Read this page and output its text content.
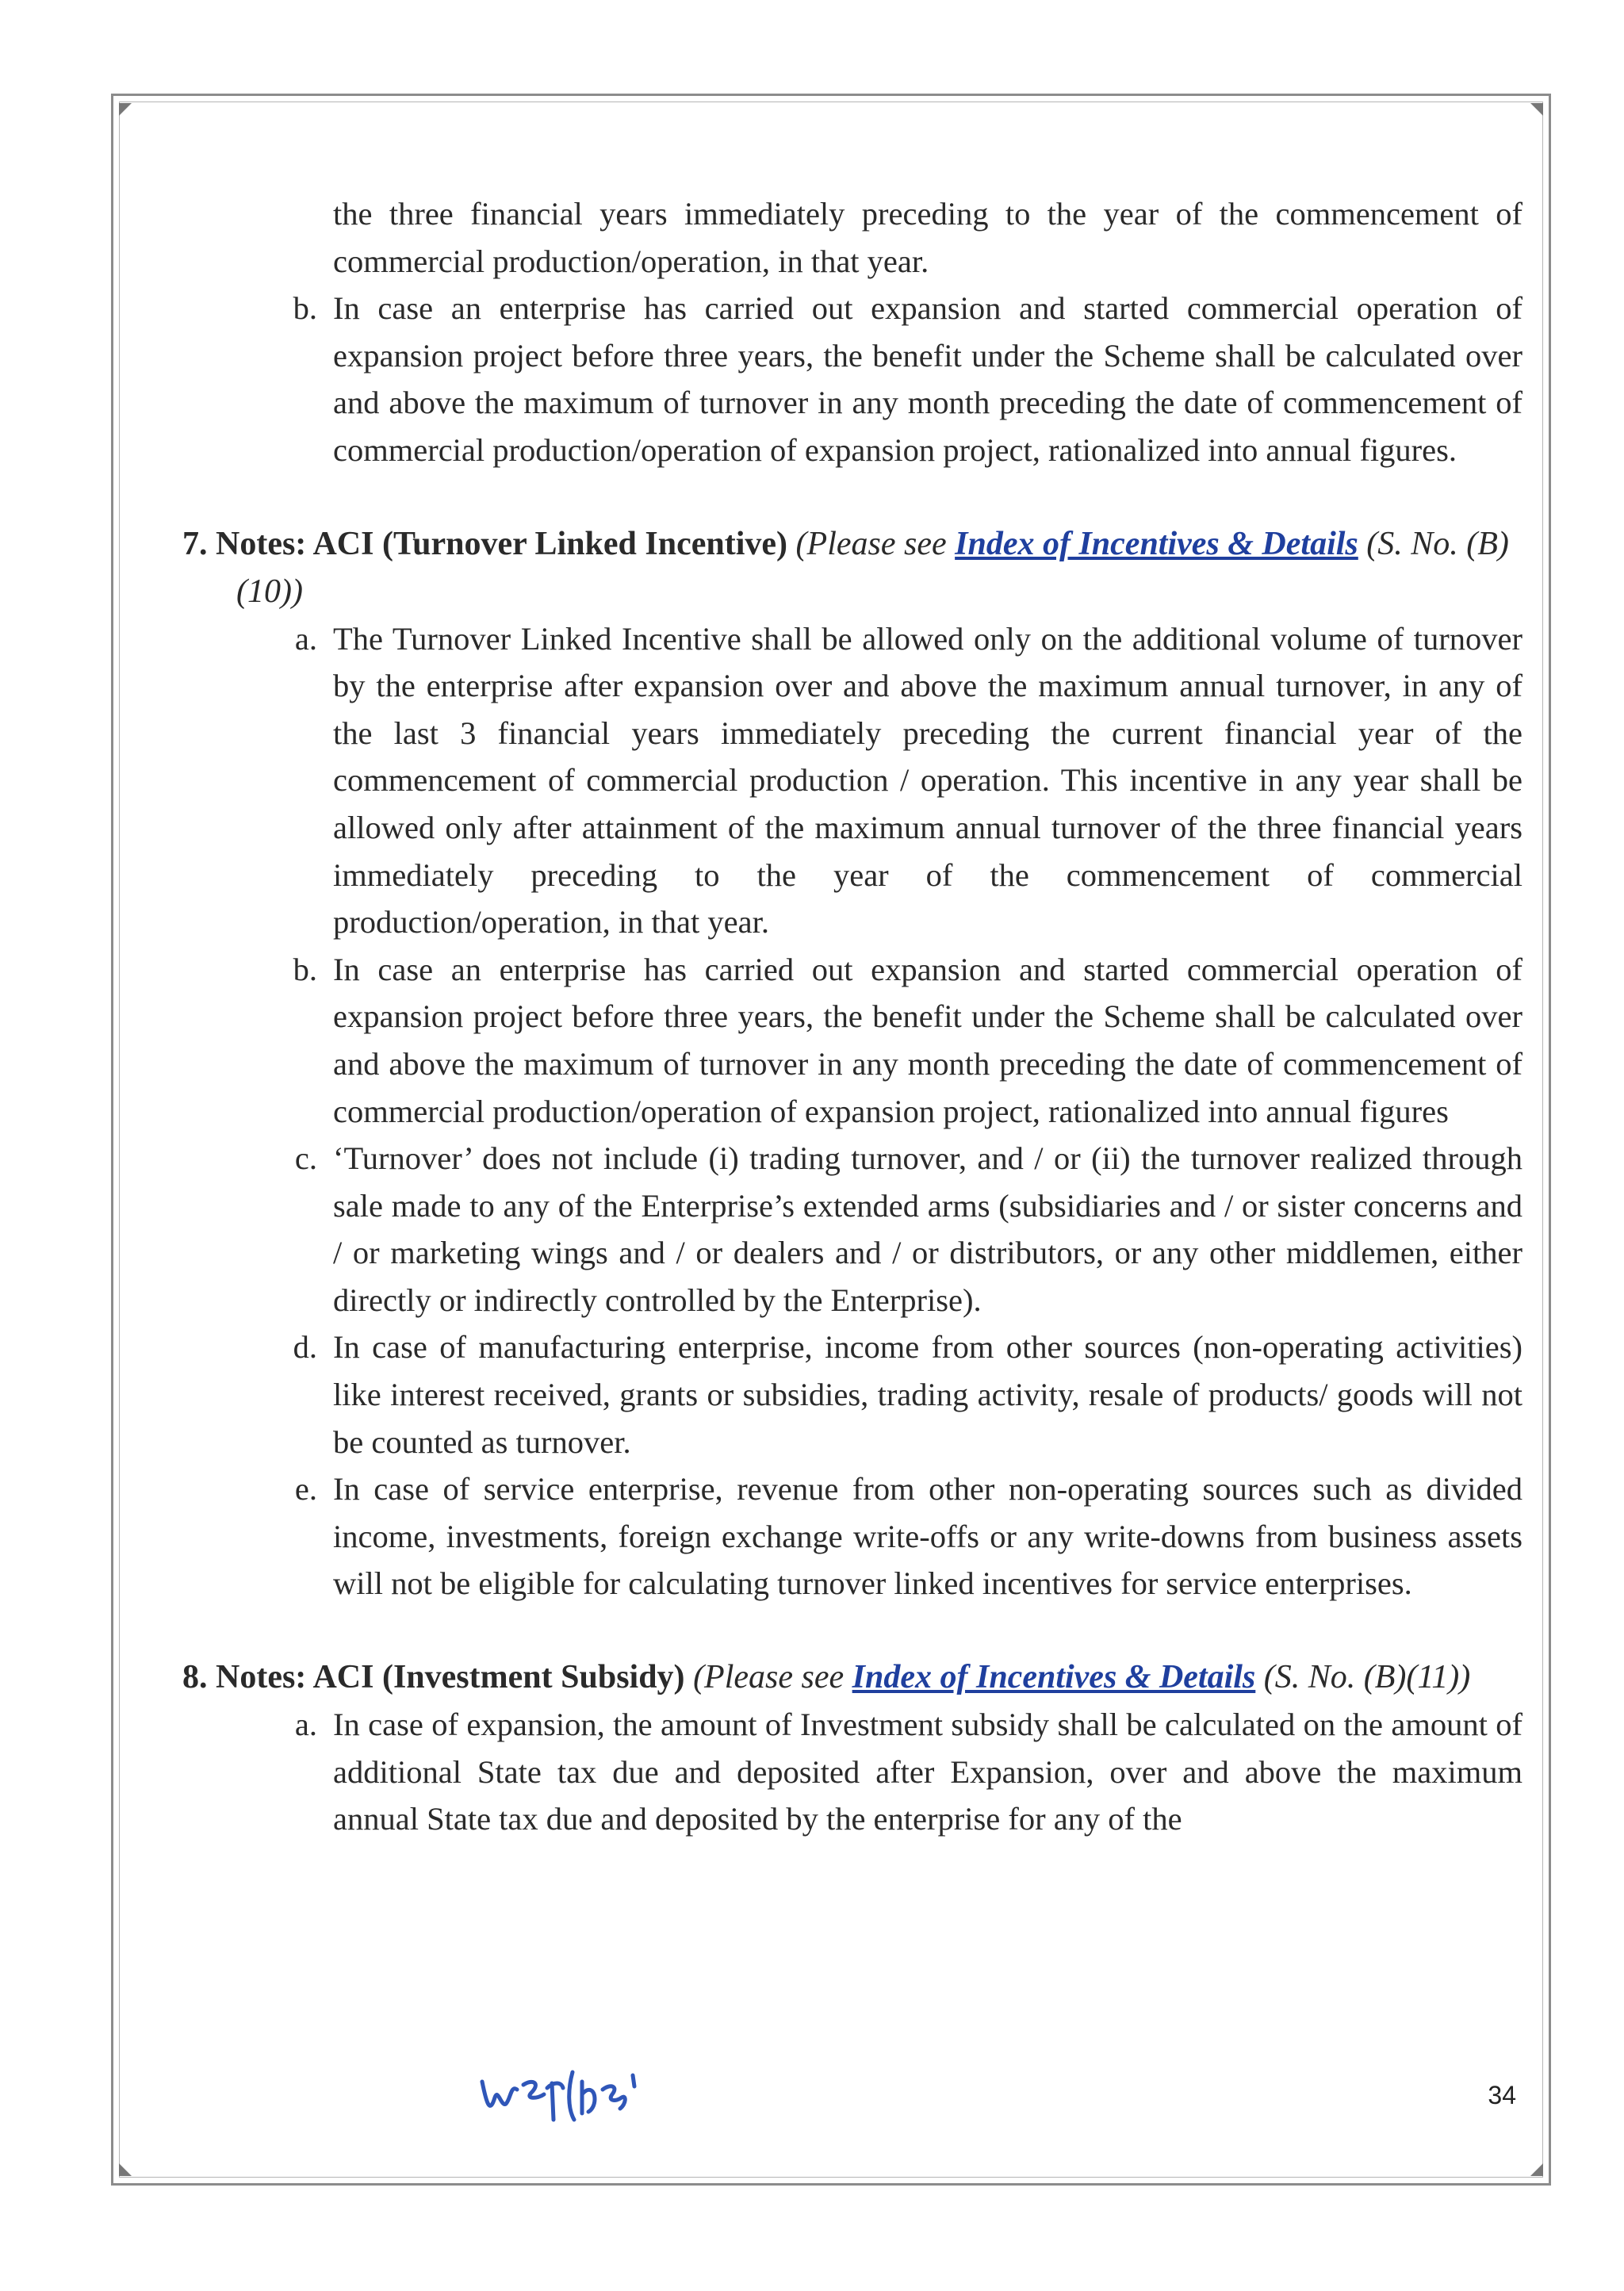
the three financial years immediately preceding to the year of the commencement of commercial production/operation, in that year.
b. In case an enterprise has carried out expansion and started commercial operation of expansion project before three years, the benefit under the Scheme shall be calculated over and above the maximum of turnover in any month preceding the date of commencement of commercial production/operation of expansion project, rationalized into annual figures.
7. Notes: ACI (Turnover Linked Incentive) (Please see Index of Incentives & Details (S. No. (B)(10))
a. The Turnover Linked Incentive shall be allowed only on the additional volume of turnover by the enterprise after expansion over and above the maximum annual turnover, in any of the last 3 financial years immediately preceding the current financial year of the commencement of commercial production / operation. This incentive in any year shall be allowed only after attainment of the maximum annual turnover of the three financial years immediately preceding to the year of the commencement of commercial production/operation, in that year.
b. In case an enterprise has carried out expansion and started commercial operation of expansion project before three years, the benefit under the Scheme shall be calculated over and above the maximum of turnover in any month preceding the date of commencement of commercial production/operation of expansion project, rationalized into annual figures
c. ‘Turnover’ does not include (i) trading turnover, and / or (ii) the turnover realized through sale made to any of the Enterprise’s extended arms (subsidiaries and / or sister concerns and / or marketing wings and / or dealers and / or distributors, or any other middlemen, either directly or indirectly controlled by the Enterprise).
d. In case of manufacturing enterprise, income from other sources (non-operating activities) like interest received, grants or subsidies, trading activity, resale of products/ goods will not be counted as turnover.
e. In case of service enterprise, revenue from other non-operating sources such as divided income, investments, foreign exchange write-offs or any write-downs from business assets will not be eligible for calculating turnover linked incentives for service enterprises.
8. Notes: ACI (Investment Subsidy) (Please see Index of Incentives & Details (S. No. (B)(11))
a. In case of expansion, the amount of Investment subsidy shall be calculated on the amount of additional State tax due and deposited after Expansion, over and above the maximum annual State tax due and deposited by the enterprise for any of the
34
